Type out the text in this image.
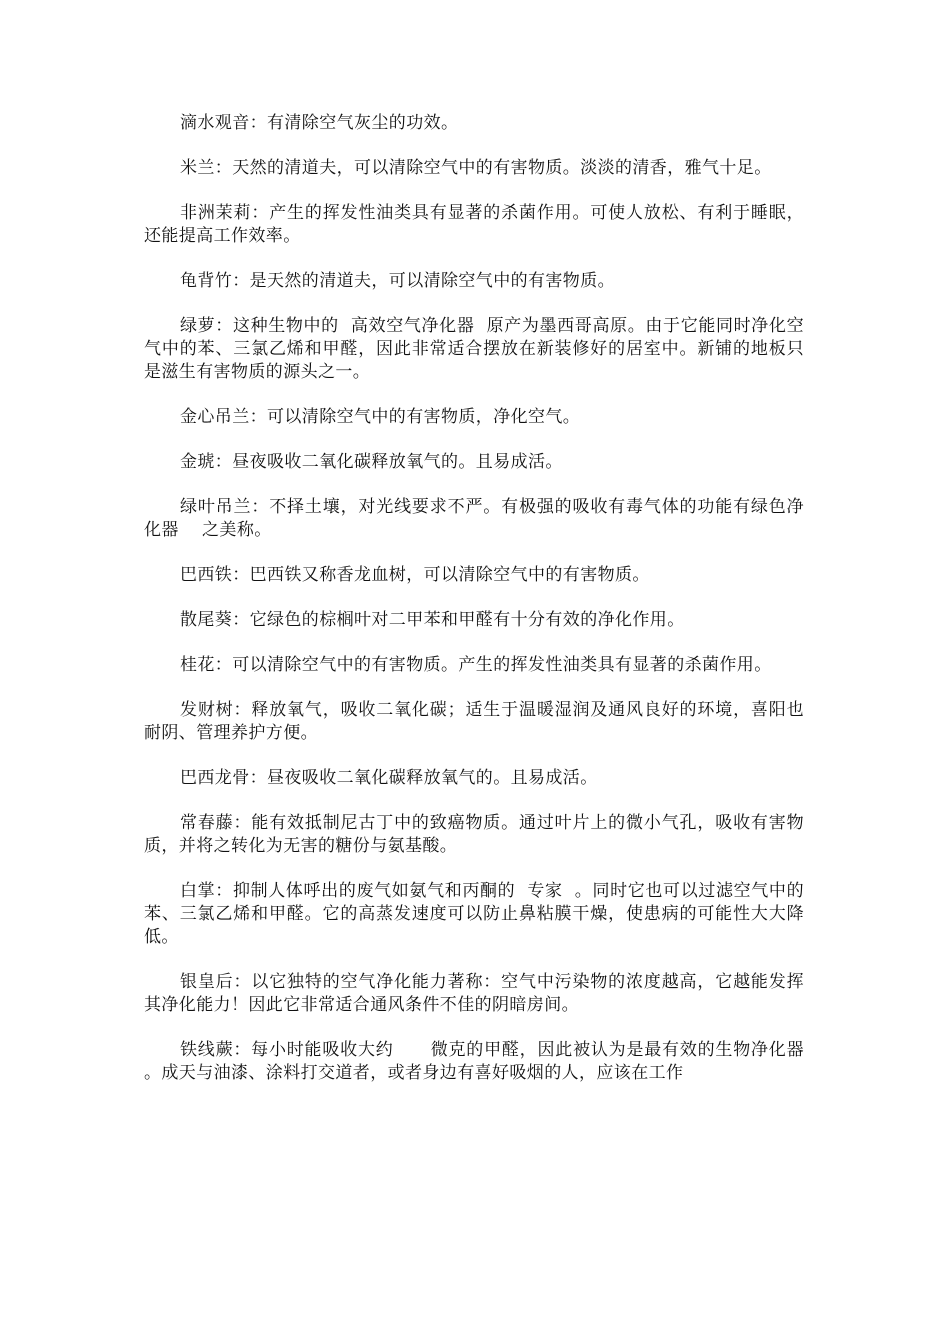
滴水观音：有清除空气灰尘的功效。

米兰：天然的清道夫，可以清除空气中的有害物质。淡淡的清香，雅气十足。

非洲茉莉：产生的挥发性油类具有显著的杀菌作用。可使人放松、有利于睡眠，还能提高工作效率。

龟背竹：是天然的清道夫，可以清除空气中的有害物质。

绿萝：这种生物中的  高效空气净化器  原产为墨西哥高原。由于它能同时净化空气中的苯、三氯乙烯和甲醛，因此非常适合摆放在新装修好的居室中。新铺的地板只是滋生有害物质的源头之一。

金心吊兰：可以清除空气中的有害物质，净化空气。

金琥：昼夜吸收二氧化碳释放氧气的。且易成活。

绿叶吊兰：不择土壤，对光线要求不严。有极强的吸收有毒气体的功能有绿色净化器    之美称。

巴西铁：巴西铁又称香龙血树，可以清除空气中的有害物质。

散尾葵：它绿色的棕榈叶对二甲苯和甲醛有十分有效的净化作用。

桂花：可以清除空气中的有害物质。产生的挥发性油类具有显著的杀菌作用。

发财树：释放氧气，吸收二氧化碳；适生于温暖湿润及通风良好的环境，喜阳也耐阴、管理养护方便。

巴西龙骨：昼夜吸收二氧化碳释放氧气的。且易成活。

常春藤：能有效抵制尼古丁中的致癌物质。通过叶片上的微小气孔，吸收有害物质，并将之转化为无害的糖份与氨基酸。

白掌：抑制人体呼出的废气如氨气和丙酮的  专家  。同时它也可以过滤空气中的苯、三氯乙烯和甲醛。它的高蒸发速度可以防止鼻粘膜干燥，使患病的可能性大大降低。

银皇后：以它独特的空气净化能力著称：空气中污染物的浓度越高，它越能发挥其净化能力！因此它非常适合通风条件不佳的阴暗房间。

铁线蕨：每小时能吸收大约      微克的甲醛，因此被认为是最有效的生物净化器  。成天与油漆、涂料打交道者，或者身边有喜好吸烟的人，应该在工作
